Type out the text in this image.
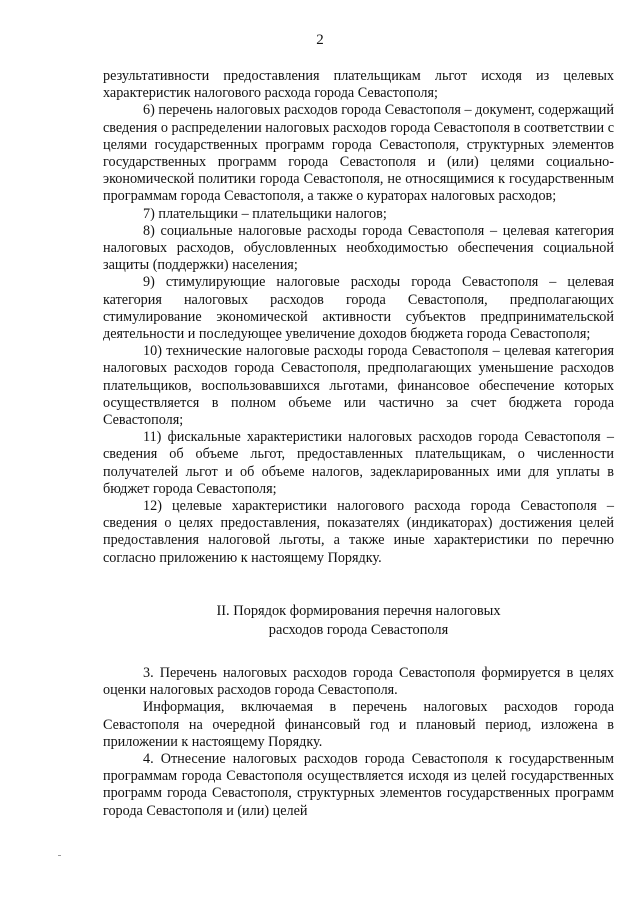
2

результативности предоставления плательщикам льгот исходя из целевых характеристик налогового расхода города Севастополя;

6) перечень налоговых расходов города Севастополя – документ, содержащий сведения о распределении налоговых расходов города Севастополя в соответствии с целями государственных программ города Севастополя, структурных элементов государственных программ города Севастополя и (или) целями социально-экономической политики города Севастополя, не относящимися к государственным программам города Севастополя, а также о кураторах налоговых расходов;

7) плательщики – плательщики налогов;

8) социальные налоговые расходы города Севастополя – целевая категория налоговых расходов, обусловленных необходимостью обеспечения социальной защиты (поддержки) населения;

9) стимулирующие налоговые расходы города Севастополя – целевая категория налоговых расходов города Севастополя, предполагающих стимулирование экономической активности субъектов предпринимательской деятельности и последующее увеличение доходов бюджета города Севастополя;

10) технические налоговые расходы города Севастополя – целевая категория налоговых расходов города Севастополя, предполагающих уменьшение расходов плательщиков, воспользовавшихся льготами, финансовое обеспечение которых осуществляется в полном объеме или частично за счет бюджета города Севастополя;

11) фискальные характеристики налоговых расходов города Севастополя – сведения об объеме льгот, предоставленных плательщикам, о численности получателей льгот и об объеме налогов, задекларированных ими для уплаты в бюджет города Севастополя;

12) целевые характеристики налогового расхода города Севастополя – сведения о целях предоставления, показателях (индикаторах) достижения целей предоставления налоговой льготы, а также иные характеристики по перечню согласно приложению к настоящему Порядку.

II. Порядок формирования перечня налоговых
расходов города Севастополя

3. Перечень налоговых расходов города Севастополя формируется в целях оценки налоговых расходов города Севастополя.

Информация, включаемая в перечень налоговых расходов города Севастополя на очередной финансовый год и плановый период, изложена в приложении к настоящему Порядку.

4. Отнесение налоговых расходов города Севастополя к государственным программам города Севастополя осуществляется исходя из целей государственных программ города Севастополя, структурных элементов государственных программ города Севастополя и (или) целей
